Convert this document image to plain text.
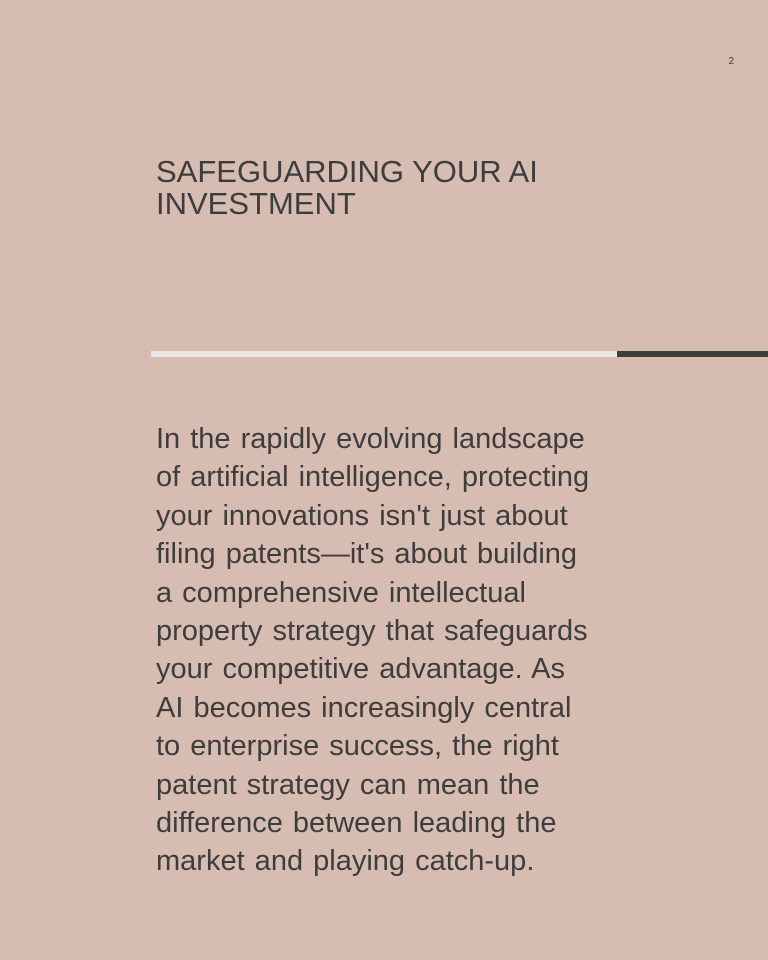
2
SAFEGUARDING YOUR AI
INVESTMENT

In the rapidly evolving landscape
of artificial intelligence, protecting
your innovations isn't just about
filing patents—it's about building
a comprehensive intellectual
property strategy that safeguards
your competitive advantage. As
AI becomes increasingly central
to enterprise success, the right
patent strategy can mean the
difference between leading the
market and playing catch-up.
